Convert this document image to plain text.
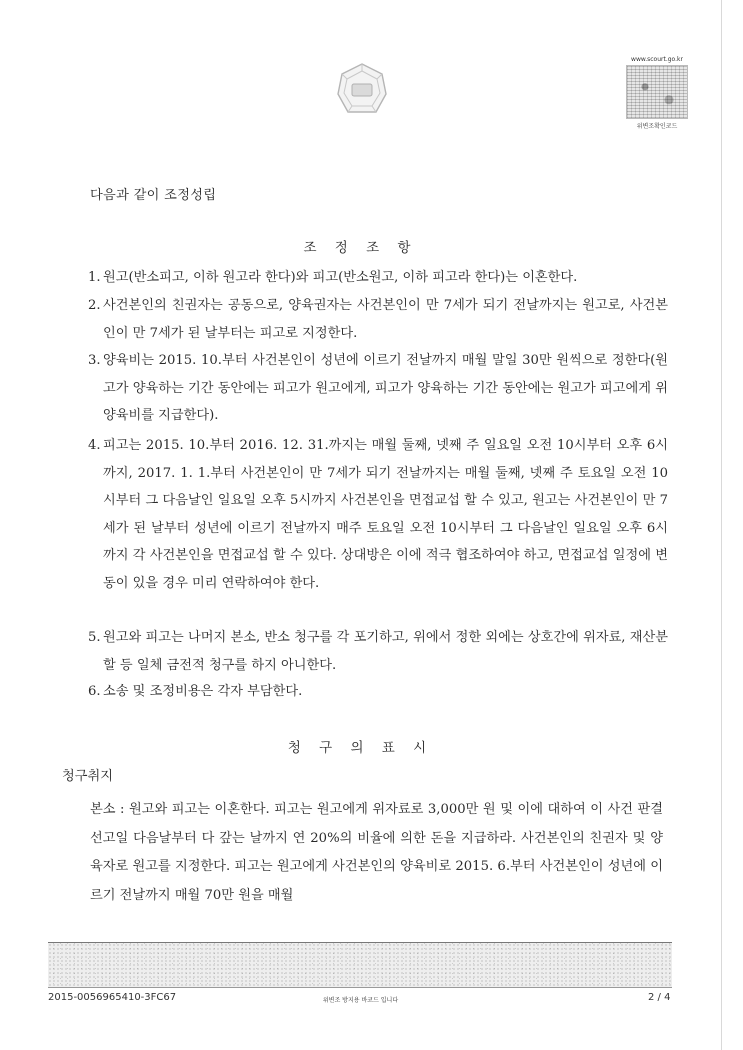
www.scourt.go.kr
위변조확인코드
다음과 같이 조정성립
조 정 조 항
1. 원고(반소피고, 이하 원고라 한다)와 피고(반소원고, 이하 피고라 한다)는 이혼한다.
2. 사건본인의 친권자는 공동으로, 양육권자는 사건본인이 만 7세가 되기 전날까지는 원고로, 사건본인이 만 7세가 된 날부터는 피고로 지정한다.
3. 양육비는 2015. 10.부터 사건본인이 성년에 이르기 전날까지 매월 말일 30만 원씩으로 정한다(원고가 양육하는 기간 동안에는 피고가 원고에게, 피고가 양육하는 기간 동안에는 원고가 피고에게 위 양육비를 지급한다).
4. 피고는 2015. 10.부터 2016. 12. 31.까지는 매월 둘째, 넷째 주 일요일 오전 10시부터 오후 6시까지, 2017. 1. 1.부터 사건본인이 만 7세가 되기 전날까지는 매월 둘째, 넷째 주 토요일 오전 10시부터 그 다음날인 일요일 오후 5시까지 사건본인을 면접교섭 할 수 있고, 원고는 사건본인이 만 7세가 된 날부터 성년에 이르기 전날까지 매주 토요일 오전 10시부터 그 다음날인 일요일 오후 6시까지 각 사건본인을 면접교섭 할 수 있다. 상대방은 이에 적극 협조하여야 하고, 면접교섭 일정에 변동이 있을 경우 미리 연락하여야 한다.
5. 원고와 피고는 나머지 본소, 반소 청구를 각 포기하고, 위에서 정한 외에는 상호간에 위자료, 재산분할 등 일체 금전적 청구를 하지 아니한다.
6. 소송 및 조정비용은 각자 부담한다.
청 구 의 표 시
청구취지
본소 : 원고와 피고는 이혼한다. 피고는 원고에게 위자료로 3,000만 원 및 이에 대하여 이 사건 판결선고일 다음날부터 다 갚는 날까지 연 20%의 비율에 의한 돈을 지급하라. 사건본인의 친권자 및 양육자로 원고를 지정한다. 피고는 원고에게 사건본인의 양육비로 2015. 6.부터 사건본인이 성년에 이르기 전날까지 매월 70만 원을 매월
2015-0056965410-3FC67	위변조 방지용 바코드 입니다	2 / 4
